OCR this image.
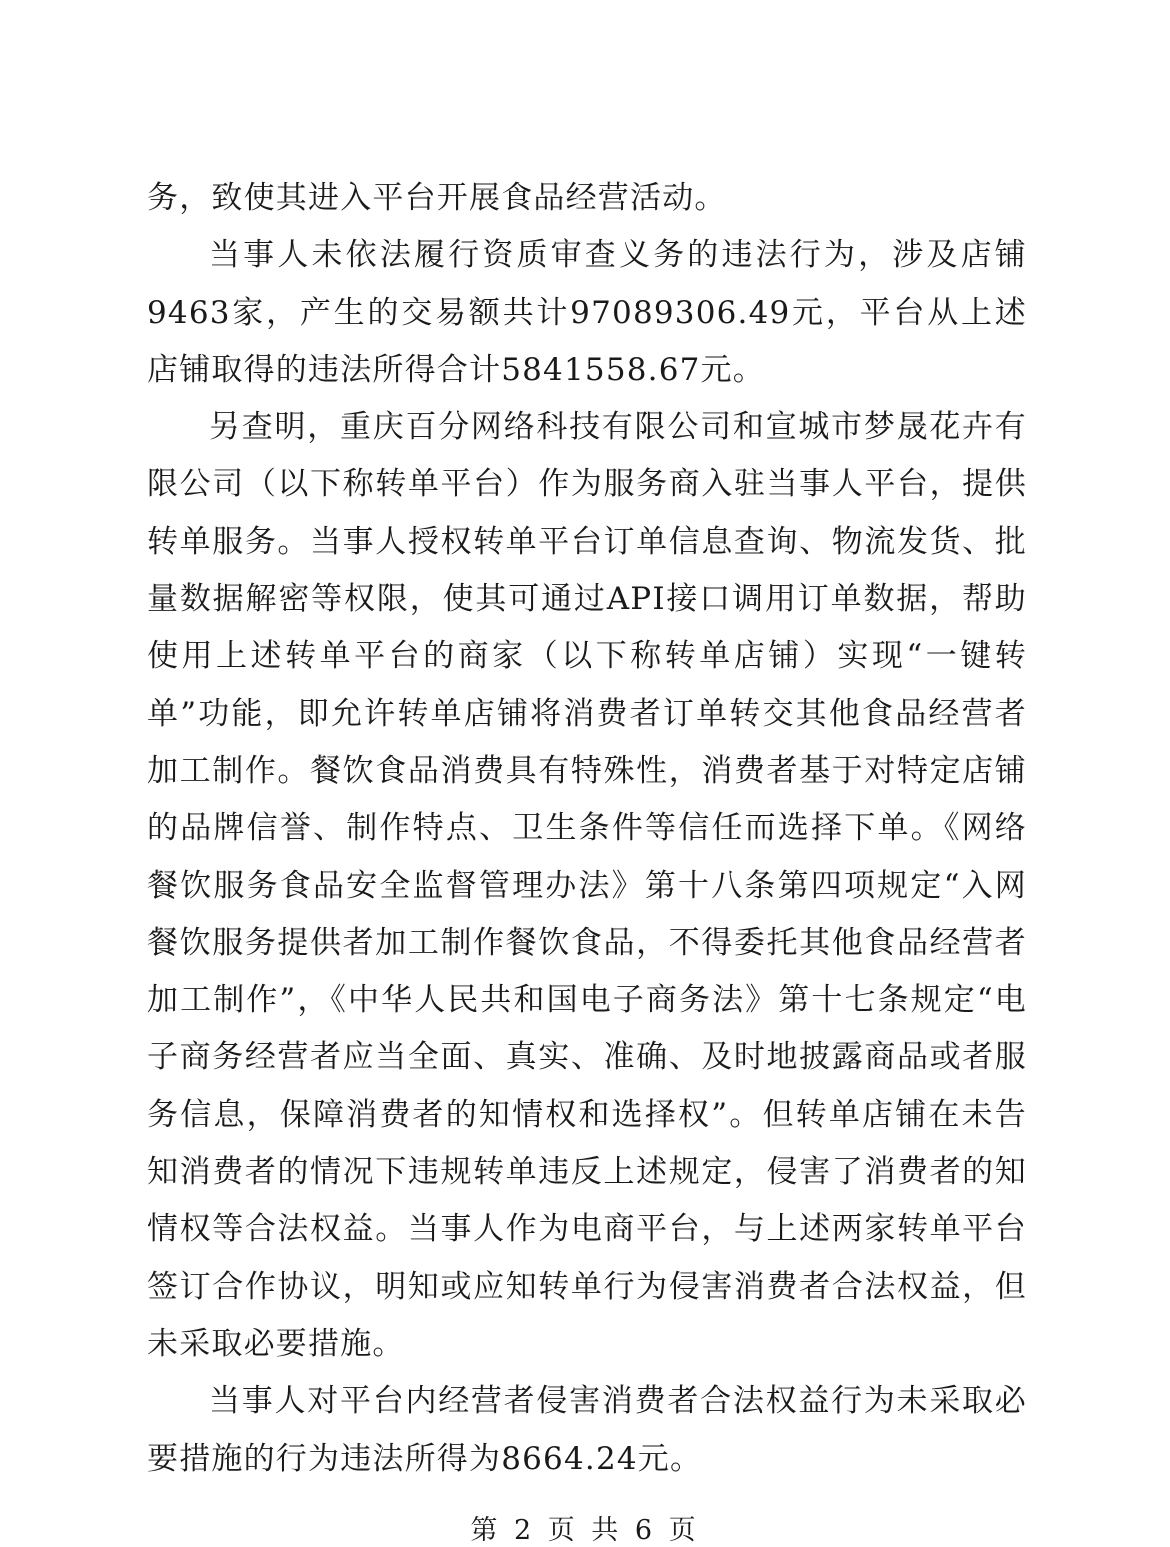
务，致使其进入平台开展食品经营活动。

当事人未依法履行资质审查义务的违法行为，涉及店铺9463家，产生的交易额共计97089306.49元，平台从上述店铺取得的违法所得合计5841558.67元。

另查明，重庆百分网络科技有限公司和宣城市梦晟花卉有限公司（以下称转单平台）作为服务商入驻当事人平台，提供转单服务。当事人授权转单平台订单信息查询、物流发货、批量数据解密等权限，使其可通过API接口调用订单数据，帮助使用上述转单平台的商家（以下称转单店铺）实现“一键转单”功能，即允许转单店铺将消费者订单转交其他食品经营者加工制作。餐饮食品消费具有特殊性，消费者基于对特定店铺的品牌信誉、制作特点、卫生条件等信任而选择下单。《网络餐饮服务食品安全监督管理办法》第十八条第四项规定“入网餐饮服务提供者加工制作餐饮食品，不得委托其他食品经营者加工制作”，《中华人民共和国电子商务法》第十七条规定“电子商务经营者应当全面、真实、准确、及时地披露商品或者服务信息，保障消费者的知情权和选择权”。但转单店铺在未告知消费者的情况下违规转单违反上述规定，侵害了消费者的知情权等合法权益。当事人作为电商平台，与上述两家转单平台签订合作协议，明知或应知转单行为侵害消费者合法权益，但未采取必要措施。

当事人对平台内经营者侵害消费者合法权益行为未采取必要措施的行为违法所得为8664.24元。

第 2 页 共 6 页
